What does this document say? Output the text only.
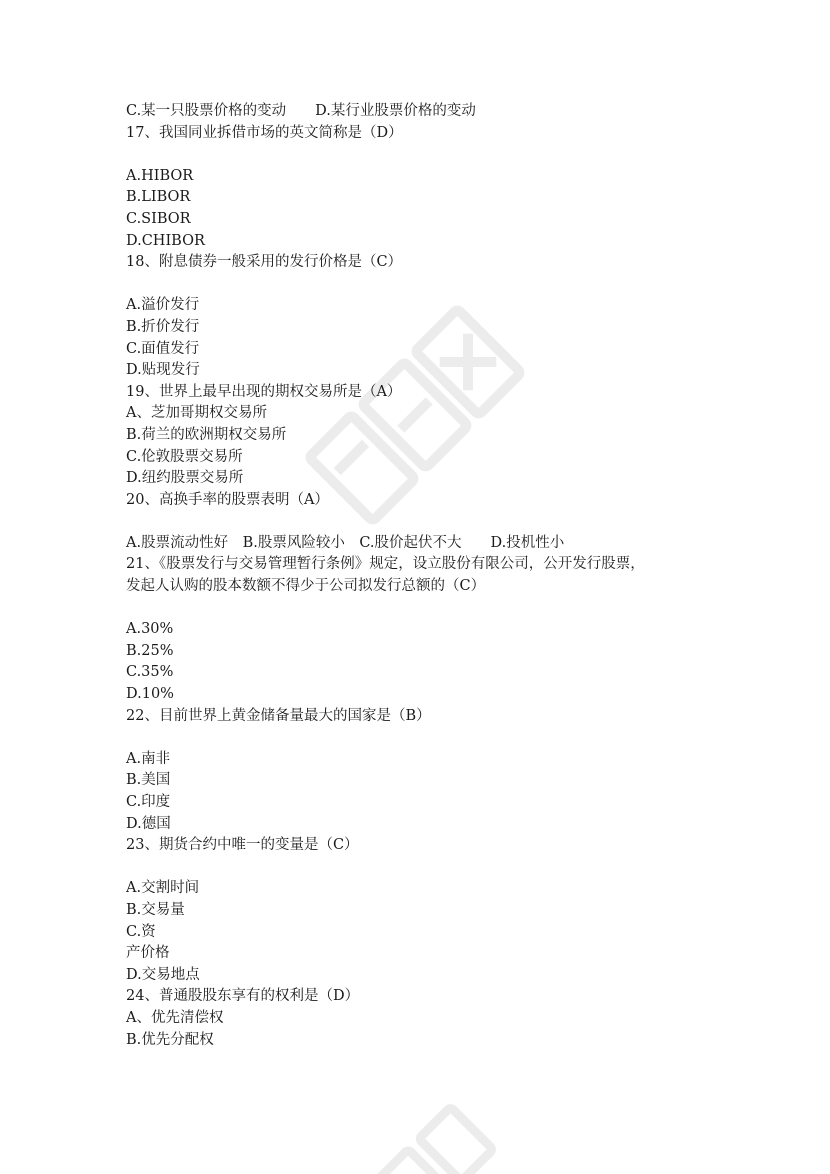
C.某一只股票价格的变动　　D.某行业股票价格的变动
17、我国同业拆借市场的英文简称是（D）
A.HIBOR
B.LIBOR
C.SIBOR
D.CHIBOR
18、附息债券一般采用的发行价格是（C）
A.溢价发行
B.折价发行
C.面值发行
D.贴现发行
19、世界上最早出现的期权交易所是（A）
A、芝加哥期权交易所
B.荷兰的欧洲期权交易所
C.伦敦股票交易所
D.纽约股票交易所
20、高换手率的股票表明（A）
A.股票流动性好　B.股票风险较小　C.股价起伏不大　　D.投机性小
21、《股票发行与交易管理暂行条例》规定，设立股份有限公司，公开发行股票，
发起人认购的股本数额不得少于公司拟发行总额的（C）
A.30%
B.25%
C.35%
D.10%
22、目前世界上黄金储备量最大的国家是（B）
A.南非
B.美国
C.印度
D.德国
23、期货合约中唯一的变量是（C）
A.交割时间
B.交易量
C.资
产价格
D.交易地点
24、普通股股东享有的权利是（D）
A、优先清偿权
B.优先分配权
